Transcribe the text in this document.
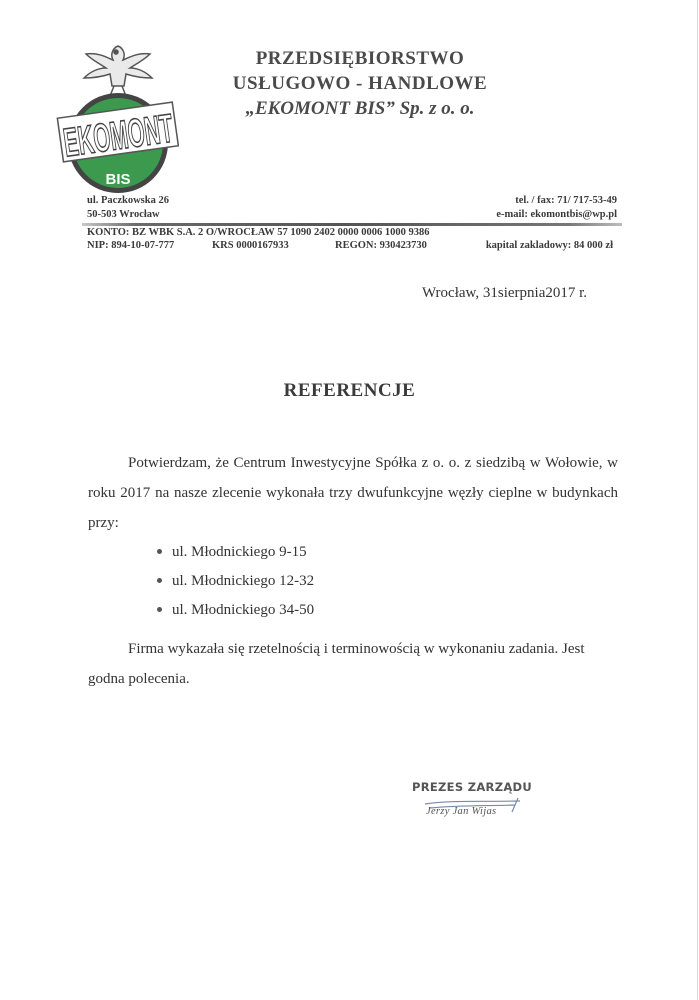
EKOMONT
BIS
PRZEDSIĘBIORSTWO
USŁUGOWO - HANDLOWE
„EKOMONT BIS” Sp. z o. o.
ul. Paczkowska 26
50-503 Wrocław
tel. / fax: 71/ 717-53-49
e-mail: ekomontbis@wp.pl
KONTO: BZ WBK S.A. 2 O/WROCŁAW 57 1090 2402 0000 0006 1000 9386
NIP: 894-10-07-777	KRS 0000167933	REGON: 930423730	kapital zakladowy: 84 000 zł
Wrocław, 31sierpnia2017 r.
REFERENCJE
Potwierdzam, że Centrum Inwestycyjne Spółka z o. o. z siedzibą w Wołowie, w roku 2017 na nasze zlecenie wykonała trzy dwufunkcyjne węzły cieplne w budynkach przy:
ul. Młodnickiego 9-15
ul. Młodnickiego 12-32
ul. Młodnickiego 34-50
Firma wykazała się rzetelnością i terminowością w wykonaniu zadania. Jest godna polecenia.
PREZES ZARZĄDU
Jerzy Jan Wijas
